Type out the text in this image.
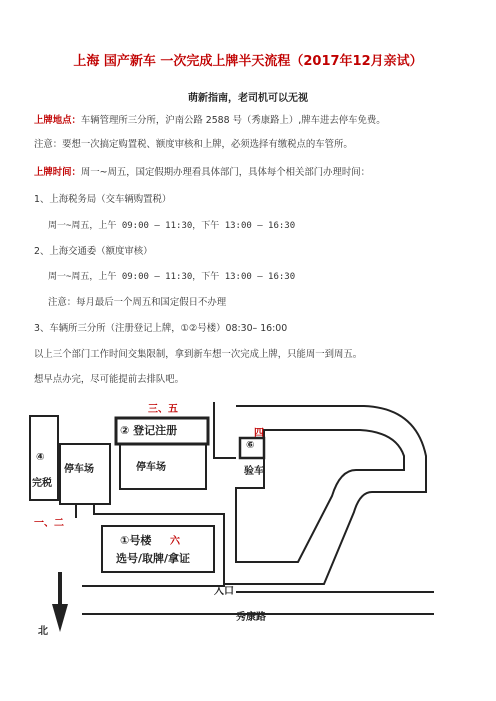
上海 国产新车 一次完成上牌半天流程（2017年12月亲试）
萌新指南，老司机可以无视
上牌地点：车辆管理所三分所，沪南公路 2588 号（秀康路上）,牌车进去停车免费。
注意：要想一次搞定购置税、额度审核和上牌，必须选择有缴税点的车管所。
上牌时间：周一~周五，国定假期办理看具体部门，具体每个相关部门办理时间：
1、上海税务局（交车辆购置税）
周一~周五，上午 09:00 – 11:30，下午 13:00 – 16:30
2、上海交通委（额度审核）
周一~周五，上午 09:00 – 11:30，下午 13:00 – 16:30
注意：每月最后一个周五和国定假日不办理
3、车辆所三分所（注册登记上牌，①②号楼）08:30– 16:00
以上三个部门工作时间交集限制，拿到新车想一次完成上牌，只能周一到周五。
想早点办完，尽可能提前去排队吧。
三、五
② 登记注册
停车场	停车场
四
⑥
验车
④
完税
一、二
①号楼 六
选号/取牌/拿证
入口
秀康路
北
